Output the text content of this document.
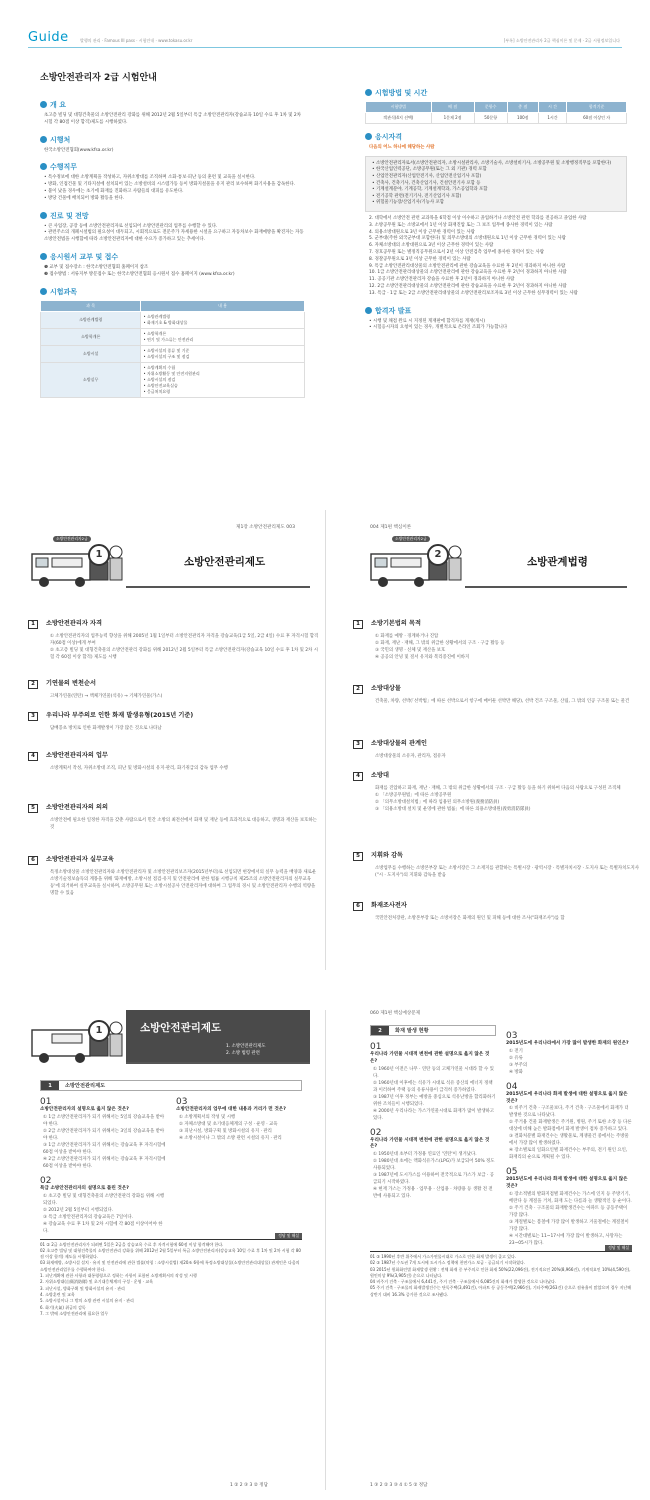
Guide	발행의 관리 · Famous III pass · 시험안내 · www.tokasu.or.kr	[부록] 소방안전관리자 2급 핵심이론 및 문제 · 2급 시험정보입니다
소방안전관리자 2급 시험안내
개 요
초고층 빌딩 및 대형건축물의 소방안전관리 강화를 위해 2012년 2월 5일부터 특급 소방안전관리자(강습교육 10일 수료 후 1차 및 2차 시험 각 80점 이상 합격)제도를 시행하였다.
시행처
한국소방안전협회(www.kfsa.or.kr)
수행직무
• 특수정보에 대한 소방계획을 작성하고, 자위소방대를 조직하며 소화·통보·피난 등의 훈련 및 교육을 실시한다.
• 방화, 인접건물 및 기타지설에 설치되어 있는 소방설비의 시스템가동 등이 방화지설물을 유지 관리 보수하며 화기사용을 감독한다.
• 불이 났을 경우에는 초기에 화재를 진화하고 사람들의 대피를 유도한다.
• 방당 건물에 배치되어 방화 활동을 한다.
진로 및 전망
• 큰 사업장, 공장 등에 소방안전관리자로 선임되어 소방안전관리의 업무를 수행할 수 있다.
• 관련주소의 개폐시설법의 필요성이 대두되고, 시회적으로도 전문주가 자세용한 시설을 요구하고 자동차보수 화재예방을 확진자는 자동소방안전법을 시행함에 따라 소방안전관리자에 대한 수요가 증가하고 있는 추세이다.
응시원서 교부 및 접수
❶ 교부 및 접수장소 : 한국소방안전협회 홈페이지 참조
❷ 접수방법 : 서류지부 방문접수 또는 한국소방안전협회 응시원서 접수 홈페이지 (www.kfsa.or.kr)
시험과목
과 목	내 용
소방관계법령	• 소방관계법령
• 화재기초 & 방화대상물
소방학개론	• 소방학개론
• 연기 및 가스류는 안전관리
소방시설	• 소방시설의 종류 및 기준
• 소방시설의 구조 및 점검
소방실무	• 소방계획의 수립
• 자위소방활동 및 안전지원관리
• 소방시설의 점검
• 소방안전교육실습
• 응급처치요령
시험방법 및 시간
시험방법	배 점	문항수	총 점	시 간	합격기준
객관식(4지 선택)	1문제 2점	50문항	100점	1시간	60점 이상인 자
응시자격
다음의 어느 하나에 해당하는 사람
• 소방안전관리자로서(소방안전관리자, 소방시설관리사, 소방기술사, 소방설비기사, 소방공무원 및 소방행정직무를 포함한다)
• 한국산업인력공단, 소방공무원(또는 그 외 기관) 경력 포함
• 산업안전관리자(산업안전기사, 산업안전산업기사 포함)
• 건축사, 건축기사, 건축산업기사, 건설안전기사 포함 등
• 기계설계분야, 기계공학, 기계설계학과, 가스공업학과 포함
• 전기공학 관련(전기기사, 전기산업기사 포함)
• 위험물기능장/산업기사/기능사 포함
2. 대학에서 소방안전 관련 교과목을 6학점 이상 이수하고 졸업하거나 소방안전 관련 학과를 전공하고 졸업한 사람
3. 소방공무원 또는 소방교에서 1년 이상 화재진압 또는 그 보조 업무에 종사한 경력이 있는 사람
4. 의용소방대원으로 3년 이상 근무한 경력이 있는 사람
5. 군부대(주한 외국군부대 포함한다) 및 의무소방대의 소방대원으로 1년 이상 근무한 경력이 있는 사람
6. 자체소방대의 소방대원으로 3년 이상 근무한 경력이 있는 사람
7. 경호공무원 또는 별정직공무원으로서 2년 이상 안전검측 업무에 종사한 경력이 있는 사람
8. 경찰공무원으로 3년 이상 근무한 경력이 있는 사람
9. 특급 소방안전관리대상물의 소방안전관리에 관한 강습교육을 수료한 후 2년이 경과하지 아니한 사람
10. 1급 소방안전관리대상물의 소방안전관리에 관한 강습교육을 수료한 후 2년이 경과하지 아니한 사람
11. 공공기관 소방안전관리자 강습을 수료한 후 2년이 경과하지 아니한 사람
12. 2급 소방안전관리대상물의 소방안전관리에 관한 강습교육을 수료한 후 2년이 경과하지 아니한 사람
13. 특급 · 1급 또는 2급 소방안전관리대상물의 소방안전관리보조자로 3년 이상 근무한 실무경력이 있는 사람
합격자 발표
• 시행 및 채점 완료 시 지정된 게재판에 합격자를 게재(게시)
• 시험응시자의 요청이 있는 경우, 개별적으로 온라인 조회가 가능합니다
제1장 소방안전관리제도 003
소방안전관리자2급
1
소방안전관리제도
1 소방안전관리자 자격
① 소방안전관리자의 업무능력 향상을 위해 2005년 1월 1일부터 소방안전관리자 자격을 강습교육(1급 5일, 2급 4일) 수료 후 자격시험 합격자(60점 이상)에게 부여
② 초고층 빌딩 및 대형건축물의 소방안전관리 강화를 위해 2012년 2월 5일부터 특급 소방안전관리자(강습교육 10일 수료 후 1차 및 2차 시험 각 60점 이상 합격) 제도를 시행
2 기연물의 변천순서
고체가연물(연탄) → 액체가연물(석유) → 기체가연물(가스)
3 우리나라 부주의로 인한 화재 발생유형(2015년 기준)
담배꽁초 방치로 인한 화재발생이 가장 많은 것으로 나타남
4 소방안전관리자의 업무
소방계획서 작성, 자위소방대 조직, 피난 및 방화시설의 유지·관리, 화기취급의 감독 업무 수행
5 소방안전관리자의 의의
소방안전에 필요한 일정한 자격을 갖춘 사람으로서 민간 소방의 최전선에서 화재 및 재난 등에 효과적으로 대응하고, 생명과 재산을 보호하는 것
6 소방안전관리자 실무교육
특정소방대상물 소방안전관리자와 소방안전관리자 및 소방안전관리보조자(2015년부터)로 선임되면 현장에서의 실무 능력을 배양과 새로운 소방기술정보습득의 계몽을 위해 '화재예방, 소방시설 점검·유지 및 안전관리에 관한 법률 시행규칙 제25조의 소방안전관리자의 실무교육 등'에 의거하여 실무교육을 실시하며, 소방공무원 또는 소방시설공사 안전관리자에 대하여 그 업무의 경시 및 소방안전관리자 수행의 역량을 명할 수 있음
004 제1편 핵심이론
소방안전관리자2급
2
소방관계법령
1 소방기본법의 목적
① 화재를 예방 · 경계하거나 진압
② 화재, 재난 · 재해, 그 밖의 위급한 상황에서의 구조 · 구급 활동 등
③ 국민의 생명 · 신체 및 재산을 보호
④ 공공의 안녕 및 질서 유지와 복리증진에 이바지
2 소방대상물
건축물, 차량, 선박(「선박법」에 따른 선박으로서 항구에 매어둔 선박만 해당), 선박 건조 구조물, 산림, 그 밖의 인공 구조물 또는 물건
3 소방대상물의 관계인
소방대상물의 소유자, 관리자, 점유자
4 소방대
화재를 진압하고 화재, 재난 · 재해, 그 밖의 위급한 상황에서의 구조 · 구급 활동 등을 하기 위하여 다음의 사람으로 구성된 조직체
① 「소방공무원법」에 따른 소방공무원
② 「의무소방대설치법」에 따라 임용된 의무소방원(義務消防員)
③ 「의용소방대 설치 및 운영에 관한 법률」에 따른 의용소방대원(義勇消防隊員)
5 지휘와 감독
소방업무를 수행하는 소방본부장 또는 소방서장은 그 소재지를 관할하는 특별시장 · 광역시장 · 특별자치시장 · 도지사 또는 특별자치도지사("시 · 도지사")의 지휘와 감독을 받음
6 화재조사전자
국민안전처장관, 소방본부장 또는 소방서장은 화재의 원인 및 피해 등에 대한 조사("화재조사")를 함
1	소방안전관리제도
1. 소방안전관리제도
2. 소방 법령 관련
1	소방안전관리제도
01
소방안전관리자의 설명으로 옳지 않은 것은?
① 1급 소방안전관리자가 되기 위해서는 5일의 강습교육을 받아야 한다.
② 2급 소방안전관리자가 되기 위해서는 3일의 강습교육을 받아야 한다.
③ 1급 소방안전관리자가 되기 위해서는 강습교육 후 자격시험에 60점 이상을 받아야 한다.
④ 2급 소방안전관리자가 되기 위해서는 강습교육 후 자격시험에 60점 이상을 받아야 한다.
02
특급 소방안전관리자의 설명으로 틀린 것은?
① 초고층 빌딩 및 대형건축물의 소방안전관리 강화를 위해 시행되었다.
② 2012년 2월 5일부터 시행되었다.
③ 특급 소방안전관리자의 강습교육은 7일이다.
④ 강습교육 수료 후 1차 및 2차 시험에 각 80점 이상이어야 한다.
03
소방안전관리자의 업무에 대한 내용과 거리가 먼 것은?
① 소방계획서의 작성 및 시행
② 자체소방대 및 초기대응체계의 구성 · 운영 · 교육
③ 피난시설, 방화구획 및 방화시설의 유지 · 관리
④ 소방시설이나 그 밖의 소방 관련 시설의 유지 · 관리
정답 및 해설
01 ② 2급 소방안전관리자가 되려면 5일은 2급을 강습교육 수료 후 자격시험에 60점 이상 합격해야 한다.
02 초고층 빌딩 및 대형건축물의 소방안전관리 강화를 위해 2012년 2월 5일부터 특급 소방안전관리자(강습교육 10일 수료 후 1차 및 2차 시험 각 80점 이상 합격) 제도를 시행하였다.
03 화재예방, 소방시설 설치 · 유지 및 안전관리에 관한 법률(약칭 : 소방시설법) 제20조 6항에 특정소방대상물(소방안전관리대상물) 관계인은 다음의 소방안전관리업무를 수행하여야 한다.
1. 피난계획에 관한 사항과 대통령령으로 정하는 사항이 포함된 소방계획서의 작성 및 시행
2. 자위소방대(自衛消防隊) 및 초기대응체계의 구성 · 운영 · 교육
3. 피난시설, 방화구획 및 방화시설의 유지 · 관리
4. 소방훈련 및 교육
5. 소방시설이나 그 밖의 소방 관련 시설의 유지 · 관리
6. 화기(火氣) 취급의 감독
7. 그 밖에 소방안전관리에 필요한 업무
1 ② 2 ③ 3 ② 정답
060 제1편 핵심예상문제
2	화재 발생 현황
01
우리나라 가연물 시대적 변천에 관한 설명으로 옳지 않은 것은?
① 1960년 이전은 나무 · 연탄 등의 고체가연물 시대라 할 수 있다.
② 1960년대 이후에는 석유가 시대로 석유 증산의 에너지 정책과 이러하여 주택 등의 유류사용이 급격히 증가하였다.
③ 1987년 이후 정부는 예방을 중심으로 석유난방을 합리화하기 위한 조치들이 시행되었다.
④ 2000년 우리나라는 가스가연물시대로 화재가 많이 발생하고 있다.
02
우리나라 가연물 시대적 변천에 관한 설명으로 옳지 않은 것은?
① 1950년대 초부터 가정용 연료인 '연탄'이 생겨났다.
② 1980년대 초에는 액화석유가스(LPG)가 보급되어 50% 정도 사용되었다.
③ 1987년에 도시가스를 이용하여 전국적으로 가스가 보급 · 공급되기 시작하였다.
④ 현재 가스는 가정용 · 업무용 · 산업용 · 차량용 등 생활 전 전반에 사용되고 있다.
03
2015년도에 우리나라에서 가장 많이 발생한 화재의 원인은?
① 전기
② 유류
③ 부주의
④ 방화
04
2015년도에 우리나라 화재 발생에 대한 설명으로 옳지 않은 것은?
① 비주거 건축 · 구조물보다, 주거 건축 · 구조물에서 화재가 더 발생한 것으로 나타났다.
② 주거용 건물 화재발생은 주거원, 병원, 주거 또한 소장 등 다른 대상에 비해 높은 발화점에서 화재 발생이 점차 증가하고 있다.
③ 결화처분별 화재건수는 생활물로, 계쟁물건 중에서는 주방물에서 가장 많이 발생하였다.
④ 장소별로의 일화요인별 화재건수는 부주의, 전기 원인 요인, 화재리의 순으로 계획될 수 있다.
05
2015년도에 우리나라 화재 발생에 대한 설명으로 옳지 않은 것은?
① 장소적별의 발화지점별 화재건수는 가스에 인지 등 주방기기, 베란다 등 계절을 거쳐, 화재 도는 다름과 늘 생활적인 등 순이다.
② 주거 건축 · 구조물의 화재발생건수는 아파트 등 공동주택이 가장 많다.
③ 계절별로는 봄철에 가장 많이 발생하고 겨울철에는 계절철이 가장 많다.
④ 시간대별로는 11~17시에 가장 많이 발생하고, 사망자는 23~05시가 많다.
정답 및 해설
01 ③ 1990년 후반 위주에서 가스가연물시대로 가스로 인한 화재 발생이 줄고 있다.
02 ③ 1987년 수도권 7개 도시에 도시가스 정책에 천연가스 보급 · 공급되기 시작하였다.
03 2015년 원화화인별 화재발생 현황 : 전체 화재 중 부주의로 인한 화재 50%(22,096건), 전기적요인 20%(8,966건), 기계적요인 10%(4,590건), 원인미상 9%(3,905건) 순으로 나타났다.
04 비주거 건축 · 구조물에서 6,441건, 주거 건축 · 구조물에서 6,085건의 화재가 발생한 것으로 나타났다.
05 주거 건축 · 구조물의 화재발생건수는 단독주택(3,491건), 아파트 등 공동주택(2,966건), 기타주택(263건) 순으로 점유율이 많았으며 경우 지난해 상반기 대비 16.3% 증가한 것으로 조사됐다.
1 ③ 2 ② 3 ③ 4 ① 5 ② 정답
